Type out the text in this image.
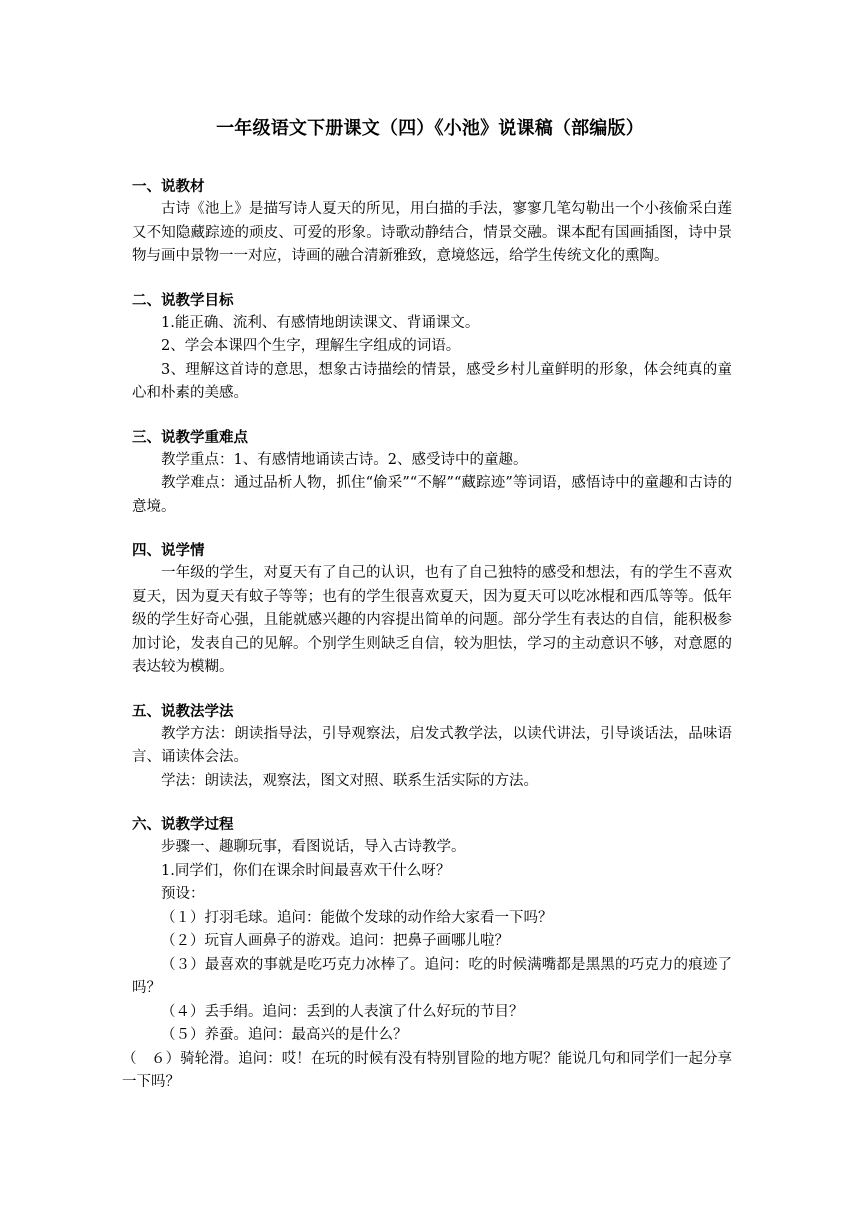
一年级语文下册课文（四）《小池》说课稿（部编版）
一、说教材

古诗《池上》是描写诗人夏天的所见，用白描的手法，寥寥几笔勾勒出一个小孩偷采白莲又不知隐藏踪迹的顽皮、可爱的形象。诗歌动静结合，情景交融。课本配有国画插图，诗中景物与画中景物一一对应，诗画的融合清新雅致，意境悠远，给学生传统文化的熏陶。

二、说教学目标

1.能正确、流利、有感情地朗读课文、背诵课文。

2、学会本课四个生字，理解生字组成的词语。

3、理解这首诗的意思，想象古诗描绘的情景，感受乡村儿童鲜明的形象，体会纯真的童心和朴素的美感。

三、说教学重难点

教学重点：1、有感情地诵读古诗。2、感受诗中的童趣。

教学难点：通过品析人物，抓住“偷采”“不解”“藏踪迹”等词语，感悟诗中的童趣和古诗的意境。

四、说学情

一年级的学生，对夏天有了自己的认识，也有了自己独特的感受和想法，有的学生不喜欢夏天，因为夏天有蚊子等等；也有的学生很喜欢夏天，因为夏天可以吃冰棍和西瓜等等。低年级的学生好奇心强，且能就感兴趣的内容提出简单的问题。部分学生有表达的自信，能积极参加讨论，发表自己的见解。个别学生则缺乏自信，较为胆怯，学习的主动意识不够，对意愿的表达较为模糊。

五、说教法学法

教学方法：朗读指导法，引导观察法，启发式教学法，以读代讲法，引导谈话法，品味语言、诵读体会法。

学法：朗读法，观察法，图文对照、联系生活实际的方法。

六、说教学过程

步骤一、趣聊玩事，看图说话，导入古诗教学。

1.同学们，你们在课余时间最喜欢干什么呀？

预设：

（１）打羽毛球。追问：能做个发球的动作给大家看一下吗？

（２）玩盲人画鼻子的游戏。追问：把鼻子画哪儿啦？

（３）最喜欢的事就是吃巧克力冰棒了。追问：吃的时候满嘴都是黑黑的巧克力的痕迹了吗？

（４）丢手绢。追问：丢到的人表演了什么好玩的节目？

（５）养蚕。追问：最高兴的是什么？

（　６）骑轮滑。追问：哎！在玩的时候有没有特别冒险的地方呢？能说几句和同学们一起分享一下吗？
